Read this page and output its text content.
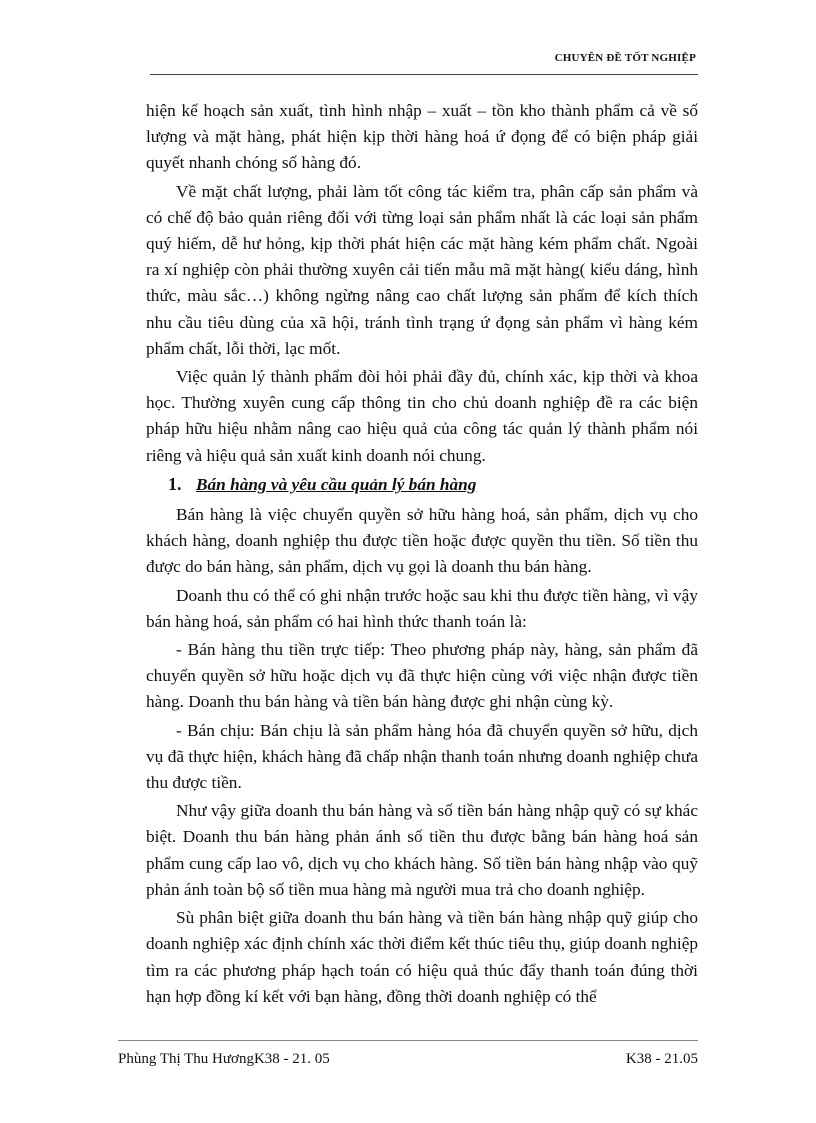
CHUYÊN ĐỀ TỐT NGHIỆP

hiện kế hoạch sản xuất, tình hình nhập – xuất – tồn kho thành phẩm cả về số lượng và mặt hàng, phát hiện kịp thời hàng hoá ứ đọng để có biện pháp giải quyết nhanh chóng số hàng đó.

Về mặt chất lượng, phải làm tốt công tác kiểm tra, phân cấp sản phẩm và có chế độ bảo quản riêng đối với từng loại sản phẩm nhất là các loại sản phẩm quý hiếm, dễ hư hỏng, kịp thời phát hiện các mặt hàng kém phẩm chất. Ngoài ra xí nghiệp còn phải thường xuyên cải tiến mẫu mã mặt hàng( kiểu dáng, hình thức, màu sắc…) không ngừng nâng cao chất lượng sản phẩm để kích thích nhu cầu tiêu dùng của xã hội, tránh tình trạng ứ đọng sản phẩm vì hàng kém phẩm chất, lỗi thời, lạc mốt.

Việc quản lý thành phẩm đòi hỏi phải đầy đủ, chính xác, kịp thời và khoa học. Thường xuyên cung cấp thông tin cho chủ doanh nghiệp đề ra các biện pháp hữu hiệu nhằm nâng cao hiệu quả của công tác quản lý thành phẩm nói riêng và hiệu quả sản xuất kinh doanh nói chung.

1. Bán hàng và yêu cầu quản lý bán hàng

Bán hàng là việc chuyển quyền sở hữu hàng hoá, sản phẩm, dịch vụ cho khách hàng, doanh nghiệp thu được tiền hoặc được quyền thu tiền. Số tiền thu được do bán hàng, sản phẩm, dịch vụ gọi là doanh thu bán hàng.

Doanh thu có thể có ghi nhận trước hoặc sau khi thu được tiền hàng, vì vậy bán hàng hoá, sản phẩm có hai hình thức thanh toán là:

- Bán hàng thu tiền trực tiếp: Theo phương pháp này, hàng, sản phẩm đã chuyển quyền sở hữu hoặc dịch vụ đã thực hiện cùng với việc nhận được tiền hàng. Doanh thu bán hàng và tiền bán hàng được ghi nhận cùng kỳ.

- Bán chịu: Bán chịu là sản phẩm hàng hóa đã chuyển quyền sở hữu, dịch vụ đã thực hiện, khách hàng đã chấp nhận thanh toán nhưng doanh nghiệp chưa thu được tiền.

Như vậy giữa doanh thu bán hàng và số tiền bán hàng nhập quỹ có sự khác biệt. Doanh thu bán hàng phản ánh số tiền thu được bằng bán hàng hoá sản phẩm cung cấp lao vô, dịch vụ cho khách hàng. Số tiền bán hàng nhập vào quỹ phản ánh toàn bộ số tiền mua hàng mà người mua trả cho doanh nghiệp.

Sù phân biệt giữa doanh thu bán hàng và tiền bán hàng nhập quỹ giúp cho doanh nghiệp xác định chính xác thời điểm kết thúc tiêu thụ, giúp doanh nghiệp tìm ra các phương pháp hạch toán có hiệu quả thúc đẩy thanh toán đúng thời hạn hợp đồng kí kết với bạn hàng, đồng thời doanh nghiệp có thể

Phùng Thị Thu HươngK38 - 21. 05	K38 - 21.05
